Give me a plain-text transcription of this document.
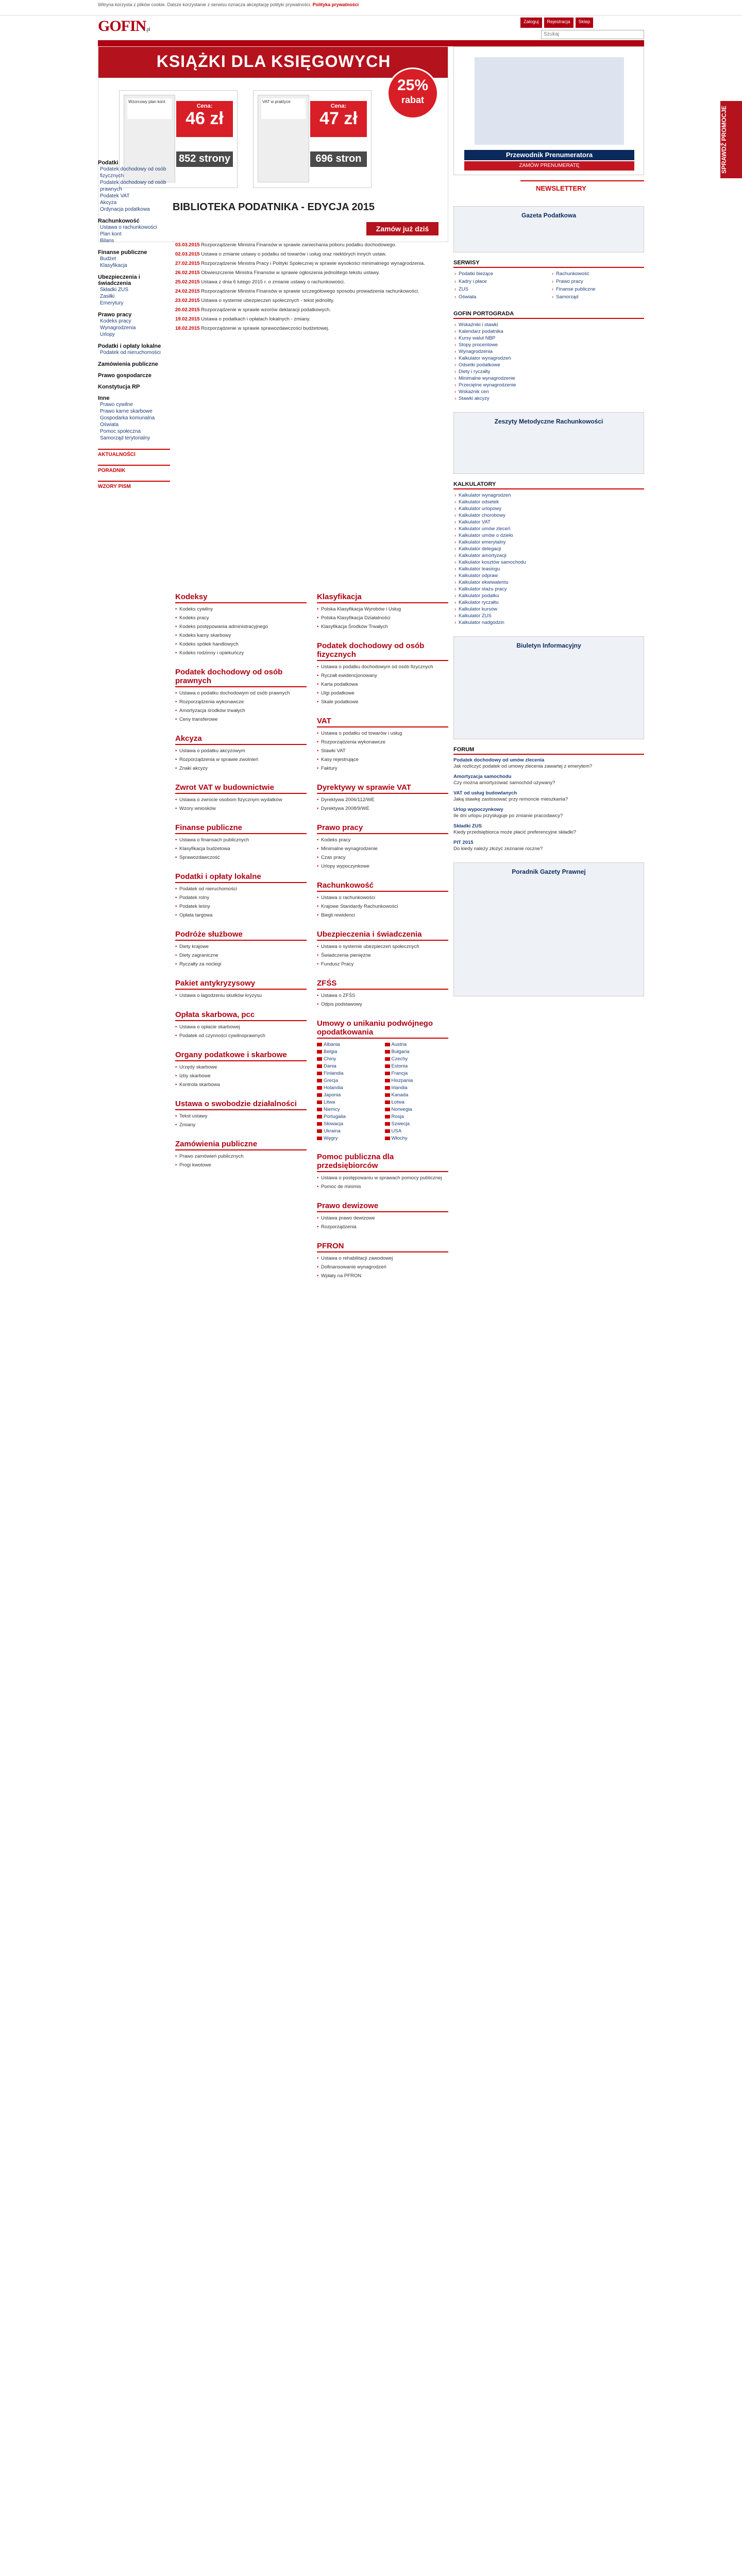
Witryna korzysta z plików cookie. Dalsze korzystanie z serwisu oznacza akceptację polityki prywatności. Polityka prywatności
GOFIN.pl
Zaloguj	Rejestracja	Sklep
Szukaj
SPRAWDŹ PROMOCJE
KSIĄŻKI DLA KSIĘGOWYCH
25%
rabat
Wzorcowy plan kont
Cena:
46 zł
852 strony
VAT w praktyce
Cena:
47 zł
696 stron
BIBLIOTEKA PODATNIKA - EDYCJA 2015
Zamów już dziś
Przewodnik Prenumeratora
ZAMÓW PRENUMERATĘ
NEWSLETTERY
Podatki
Podatek dochodowy od osób fizycznych
Podatek dochodowy od osób prawnych
Podatek VAT
Akcyza
Ordynacja podatkowa
Rachunkowość
Ustawa o rachunkowości
Plan kont
Bilans
Finanse publiczne
Budżet
Klasyfikacja
Ubezpieczenia i świadczenia
Składki ZUS
Zasiłki
Emerytury
Prawo pracy
Kodeks pracy
Wynagrodzenia
Urlopy
Podatki i opłaty lokalne
Podatek od nieruchomości
Zamówienia publiczne
Prawo gospodarcze
Konstytucja RP
Inne
Prawo cywilne
Prawo karne skarbowe
Gospodarka komunalna
Oświata
Pomoc społeczna
Samorząd terytorialny
AKTUALNOŚCI
PORADNIK
WZORY PISM
03.03.2015 Rozporządzenie Ministra Finansów w sprawie zaniechania poboru podatku dochodowego.
02.03.2015 Ustawa o zmianie ustawy o podatku od towarów i usług oraz niektórych innych ustaw.
27.02.2015 Rozporządzenie Ministra Pracy i Polityki Społecznej w sprawie wysokości minimalnego wynagrodzenia.
26.02.2015 Obwieszczenie Ministra Finansów w sprawie ogłoszenia jednolitego tekstu ustawy.
25.02.2015 Ustawa z dnia 6 lutego 2015 r. o zmianie ustawy o rachunkowości.
24.02.2015 Rozporządzenie Ministra Finansów w sprawie szczegółowego sposobu prowadzenia rachunkowości.
23.02.2015 Ustawa o systemie ubezpieczeń społecznych - tekst jednolity.
20.02.2015 Rozporządzenie w sprawie wzorów deklaracji podatkowych.
19.02.2015 Ustawa o podatkach i opłatach lokalnych - zmiany.
18.02.2015 Rozporządzenie w sprawie sprawozdawczości budżetowej.
Kodeksy
• Kodeks cywilny
• Kodeks pracy
• Kodeks postępowania administracyjnego
• Kodeks karny skarbowy
• Kodeks spółek handlowych
• Kodeks rodzinny i opiekuńczy
Podatek dochodowy od osób prawnych
• Ustawa o podatku dochodowym od osób prawnych
• Rozporządzenia wykonawcze
• Amortyzacja środków trwałych
• Ceny transferowe
Akcyza
• Ustawa o podatku akcyzowym
• Rozporządzenia w sprawie zwolnień
• Znaki akcyzy
Zwrot VAT w budownictwie
• Ustawa o zwrocie osobom fizycznym wydatków
• Wzory wniosków
Finanse publiczne
• Ustawa o finansach publicznych
• Klasyfikacja budżetowa
• Sprawozdawczość
Podatki i opłaty lokalne
• Podatek od nieruchomości
• Podatek rolny
• Podatek leśny
• Opłata targowa
Podróże służbowe
• Diety krajowe
• Diety zagraniczne
• Ryczałty za noclegi
Pakiet antykryzysowy
• Ustawa o łagodzeniu skutków kryzysu
Opłata skarbowa, pcc
• Ustawa o opłacie skarbowej
• Podatek od czynności cywilnoprawnych
Organy podatkowe i skarbowe
• Urzędy skarbowe
• Izby skarbowe
• Kontrola skarbowa
Ustawa o swobodzie działalności
• Tekst ustawy
• Zmiany
Zamówienia publiczne
• Prawo zamówień publicznych
• Progi kwotowe
Klasyfikacja
• Polska Klasyfikacja Wyrobów i Usług
• Polska Klasyfikacja Działalności
• Klasyfikacja Środków Trwałych
Podatek dochodowy od osób fizycznych
• Ustawa o podatku dochodowym od osób fizycznych
• Ryczałt ewidencjonowany
• Karta podatkowa
• Ulgi podatkowe
• Skale podatkowe
VAT
• Ustawa o podatku od towarów i usług
• Rozporządzenia wykonawcze
• Stawki VAT
• Kasy rejestrujące
• Faktury
Dyrektywy w sprawie VAT
• Dyrektywa 2006/112/WE
• Dyrektywa 2008/9/WE
Prawo pracy
• Kodeks pracy
• Minimalne wynagrodzenie
• Czas pracy
• Urlopy wypoczynkowe
Rachunkowość
• Ustawa o rachunkowości
• Krajowe Standardy Rachunkowości
• Biegli rewidenci
Ubezpieczenia i świadczenia
• Ustawa o systemie ubezpieczeń społecznych
• Świadczenia pieniężne
• Fundusz Pracy
ZFŚS
• Ustawa o ZFŚS
• Odpis podstawowy
Umowy o unikaniu podwójnego opodatkowania
Albania	Austria
Belgia	Bułgaria
Chiny	Czechy
Dania	Estonia
Finlandia	Francja
Grecja	Hiszpania
Holandia	Irlandia
Japonia	Kanada
Litwa	Łotwa
Niemcy	Norwegia
Portugalia	Rosja
Słowacja	Szwecja
Ukraina	USA
Węgry	Włochy
Pomoc publiczna dla przedsiębiorców
• Ustawa o postępowaniu w sprawach pomocy publicznej
• Pomoc de minimis
Prawo dewizowe
• Ustawa prawo dewizowe
• Rozporządzenia
PFRON
• Ustawa o rehabilitacji zawodowej
• Dofinansowanie wynagrodzeń
• Wpłaty na PFRON
Gazeta Podatkowa
SERWISY
› Podatki bieżące	› Rachunkowość
› Kadry i płace	› Prawo pracy
› ZUS	› Finanse publiczne
› Oświata	› Samorząd
GOFIN PORTOGRADA
› Wskaźniki i stawki
› Kalendarz podatnika
› Kursy walut NBP
› Stopy procentowe
› Wynagrodzenia
› Kalkulator wynagrodzeń
› Odsetki podatkowe
› Diety i ryczałty
› Minimalne wynagrodzenie
› Przeciętne wynagrodzenie
› Wskaźnik cen
› Stawki akcyzy
Zeszyty Metodyczne Rachunkowości
KALKULATORY
› Kalkulator wynagrodzeń
› Kalkulator odsetek
› Kalkulator urlopowy
› Kalkulator chorobowy
› Kalkulator VAT
› Kalkulator umów zleceń
› Kalkulator umów o dzieło
› Kalkulator emerytalny
› Kalkulator delegacji
› Kalkulator amortyzacji
› Kalkulator kosztów samochodu
› Kalkulator leasingu
› Kalkulator odpraw
› Kalkulator ekwiwalentu
› Kalkulator stażu pracy
› Kalkulator podatku
› Kalkulator ryczałtu
› Kalkulator kursów
› Kalkulator ZUS
› Kalkulator nadgodzin
Biuletyn Informacyjny
FORUM
Podatek dochodowy od umów zlecenia
Jak rozliczyć podatek od umowy zlecenia zawartej z emerytem?
Amortyzacja samochodu
Czy można amortyzować samochód używany?
VAT od usług budowlanych
Jaką stawkę zastosować przy remoncie mieszkania?
Urlop wypoczynkowy
Ile dni urlopu przysługuje po zmianie pracodawcy?
Składki ZUS
Kiedy przedsiębiorca może płacić preferencyjne składki?
PIT 2015
Do kiedy należy złożyć zeznanie roczne?
Poradnik Gazety Prawnej
